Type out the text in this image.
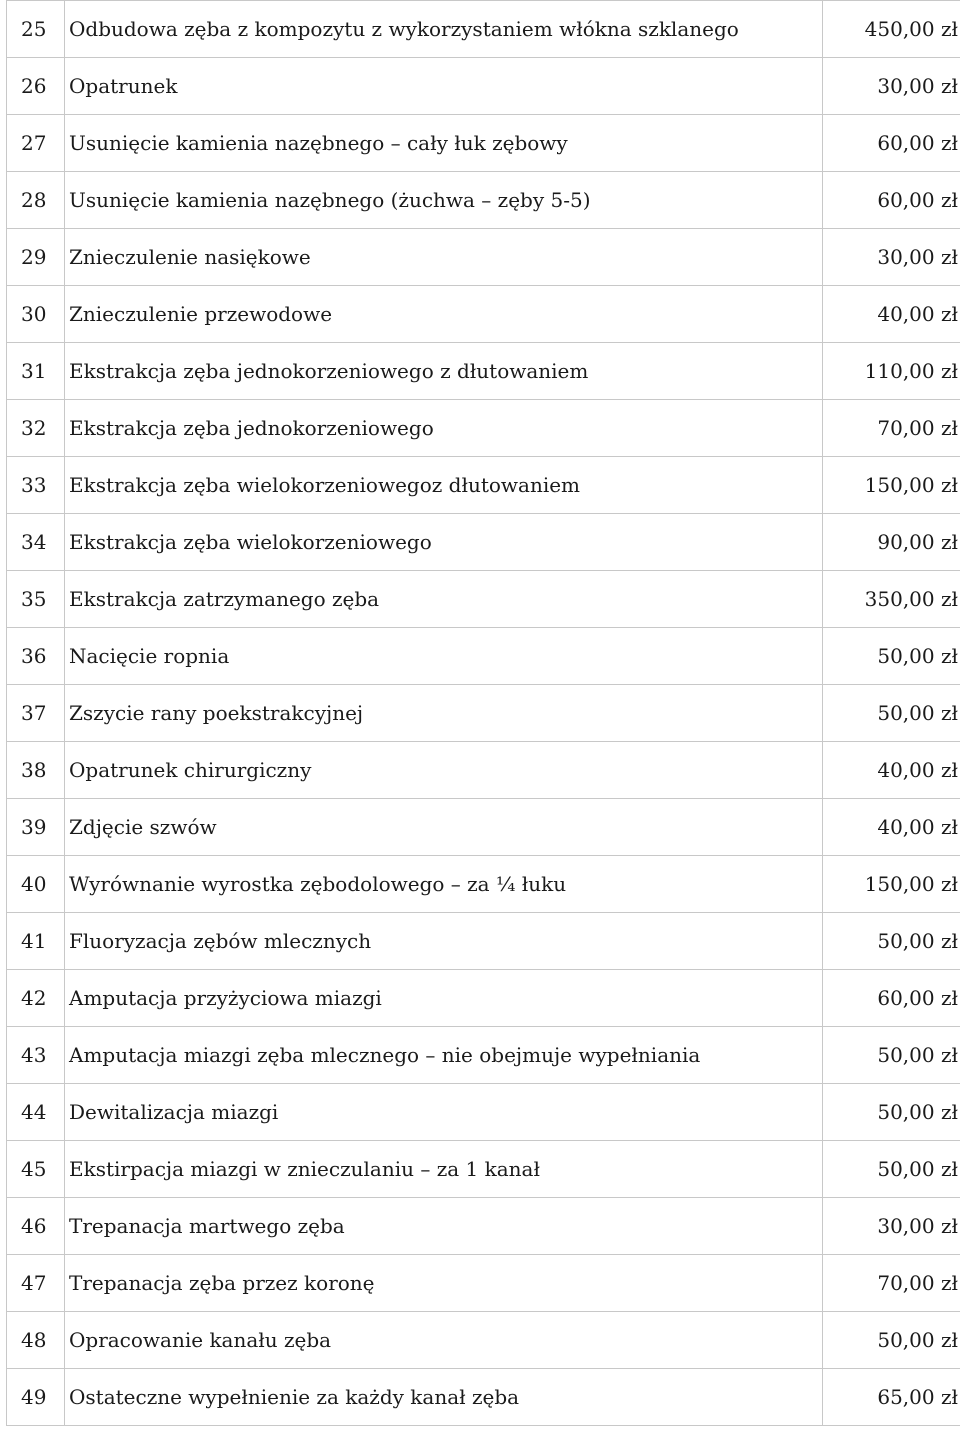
25	Odbudowa zęba z kompozytu z wykorzystaniem włókna szklanego	450,00 zł
26	Opatrunek	30,00 zł
27	Usunięcie kamienia nazębnego – cały łuk zębowy	60,00 zł
28	Usunięcie kamienia nazębnego (żuchwa – zęby 5-5)	60,00 zł
29	Znieczulenie nasiękowe	30,00 zł
30	Znieczulenie przewodowe	40,00 zł
31	Ekstrakcja zęba jednokorzeniowego z dłutowaniem	110,00 zł
32	Ekstrakcja zęba jednokorzeniowego	70,00 zł
33	Ekstrakcja zęba wielokorzeniowegoz dłutowaniem	150,00 zł
34	Ekstrakcja zęba wielokorzeniowego	90,00 zł
35	Ekstrakcja zatrzymanego zęba	350,00 zł
36	Nacięcie ropnia	50,00 zł
37	Zszycie rany poekstrakcyjnej	50,00 zł
38	Opatrunek chirurgiczny	40,00 zł
39	Zdjęcie szwów	40,00 zł
40	Wyrównanie wyrostka zębodolowego – za ¼ łuku	150,00 zł
41	Fluoryzacja zębów mlecznych	50,00 zł
42	Amputacja przyżyciowa miazgi	60,00 zł
43	Amputacja miazgi zęba mlecznego – nie obejmuje wypełniania	50,00 zł
44	Dewitalizacja miazgi	50,00 zł
45	Ekstirpacja miazgi w znieczulaniu – za 1 kanał	50,00 zł
46	Trepanacja martwego zęba	30,00 zł
47	Trepanacja zęba przez koronę	70,00 zł
48	Opracowanie kanału zęba	50,00 zł
49	Ostateczne wypełnienie za każdy kanał zęba	65,00 zł
